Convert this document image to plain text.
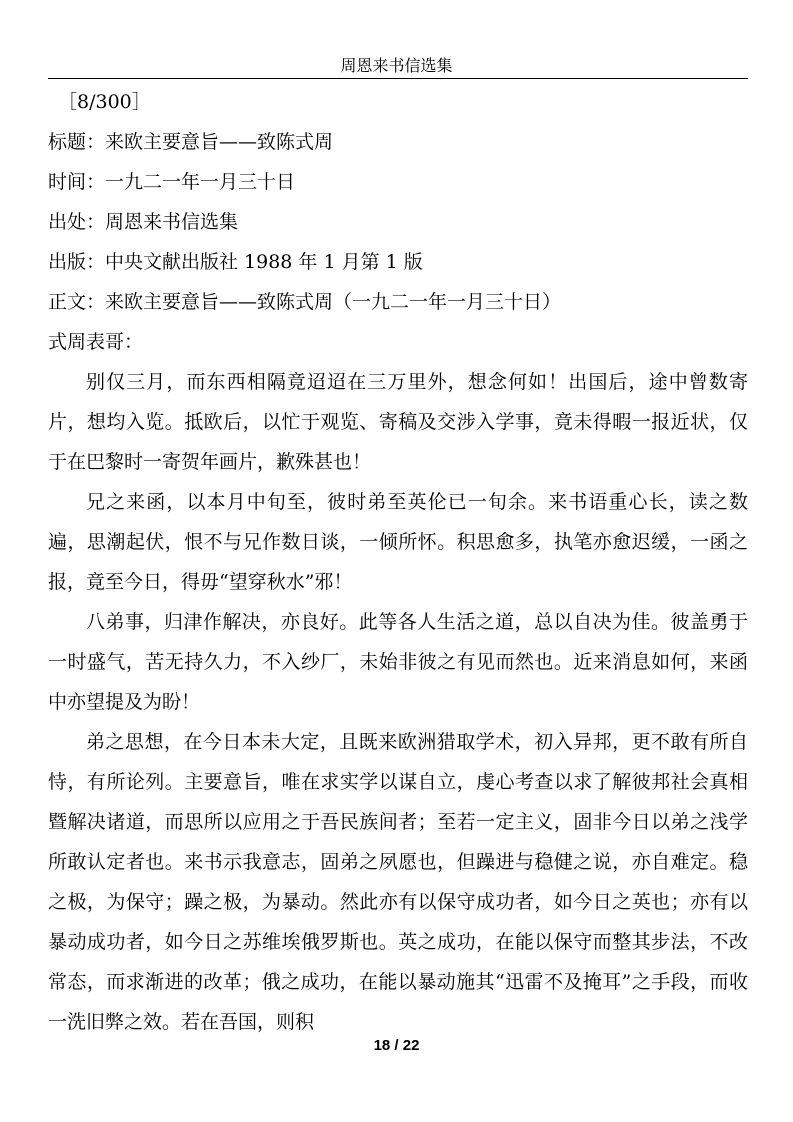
周恩来书信选集

［8/300］

标题：来欧主要意旨——致陈式周

时间：一九二一年一月三十日

出处：周恩来书信选集

出版：中央文献出版社 1988 年 1 月第 1 版

正文：来欧主要意旨——致陈式周（一九二一年一月三十日）

式周表哥：

别仅三月，而东西相隔竟迢迢在三万里外，想念何如！出国后，途中曾数寄片，想均入览。抵欧后，以忙于观览、寄稿及交涉入学事，竟未得暇一报近状，仅于在巴黎时一寄贺年画片，歉殊甚也！

兄之来函，以本月中旬至，彼时弟至英伦已一旬余。来书语重心长，读之数遍，思潮起伏，恨不与兄作数日谈，一倾所怀。积思愈多，执笔亦愈迟缓，一函之报，竟至今日，得毋“望穿秋水”邪！

八弟事，归津作解决，亦良好。此等各人生活之道，总以自决为佳。彼盖勇于一时盛气，苦无持久力，不入纱厂，未始非彼之有见而然也。近来消息如何，来函中亦望提及为盼！

弟之思想，在今日本未大定，且既来欧洲猎取学术，初入异邦，更不敢有所自恃，有所论列。主要意旨，唯在求实学以谋自立，虔心考查以求了解彼邦社会真相暨解决诸道，而思所以应用之于吾民族间者；至若一定主义，固非今日以弟之浅学所敢认定者也。来书示我意志，固弟之夙愿也，但躁进与稳健之说，亦自难定。稳之极，为保守；躁之极，为暴动。然此亦有以保守成功者，如今日之英也；亦有以暴动成功者，如今日之苏维埃俄罗斯也。英之成功，在能以保守而整其步法，不改常态，而求渐进的改革；俄之成功，在能以暴动施其“迅雷不及掩耳”之手段，而收一洗旧弊之效。若在吾国，则积

18 / 22
